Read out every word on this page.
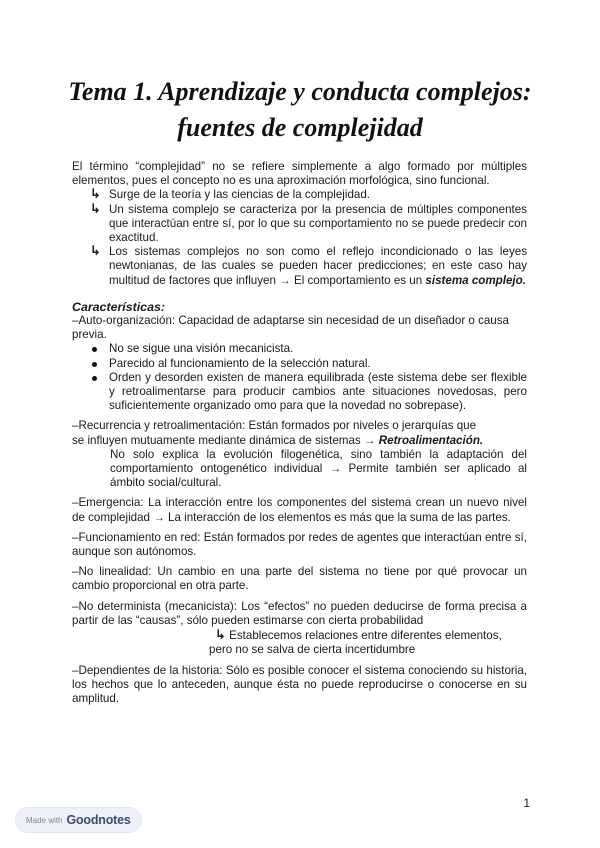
Tema 1. Aprendizaje y conducta complejos:
fuentes de complejidad

El término “complejidad” no se refiere simplemente a algo formado por múltiples elementos, pues el concepto no es una aproximación morfológica, sino funcional.

↳ Surge de la teoría y las ciencias de la complejidad.
↳ Un sistema complejo se caracteriza por la presencia de múltiples componentes que interactúan entre sí, por lo que su comportamiento no se puede predecir con exactitud.
↳ Los sistemas complejos no son como el reflejo incondicionado o las leyes newtonianas, de las cuales se pueden hacer predicciones; en este caso hay multitud de factores que influyen → El comportamiento es un sistema complejo.

Características:

–Auto-organización: Capacidad de adaptarse sin necesidad de un diseñador o causa previa.

No se sigue una visión mecanicista.
Parecido al funcionamiento de la selección natural.
Orden y desorden existen de manera equilibrada (este sistema debe ser flexible y retroalimentarse para producir cambios ante situaciones novedosas, pero suficientemente organizado omo para que la novedad no sobrepase).

–Recurrencia y retroalimentación: Están formados por niveles o jerarquías que

se influyen mutuamente mediante dinámica de sistemas → Retroalimentación.

No solo explica la evolución filogenética, sino también la adaptación del comportamiento ontogenético individual → Permite también ser aplicado al ámbito social/cultural.

–Emergencia: La interacción entre los componentes del sistema crean un nuevo nivel de complejidad → La interacción de los elementos es más que la suma de las partes.

–Funcionamiento en red: Están formados por redes de agentes que interactúan entre sí, aunque son autónomos.

–No linealidad: Un cambio en una parte del sistema no tiene por qué provocar un cambio proporcional en otra parte.

–No determinista (mecanicista): Los “efectos” no pueden deducirse de forma precisa a partir de las “causas”, sólo pueden estimarse con cierta probabilidad

↳ Establecemos relaciones entre diferentes elementos,

pero no se salva de cierta incertidumbre

–Dependientes de la historia: Sólo es posible conocer el sistema conociendo su historia, los hechos que lo anteceden, aunque ésta no puede reproducirse o conocerse en su amplitud.

1
Made with Goodnotes
